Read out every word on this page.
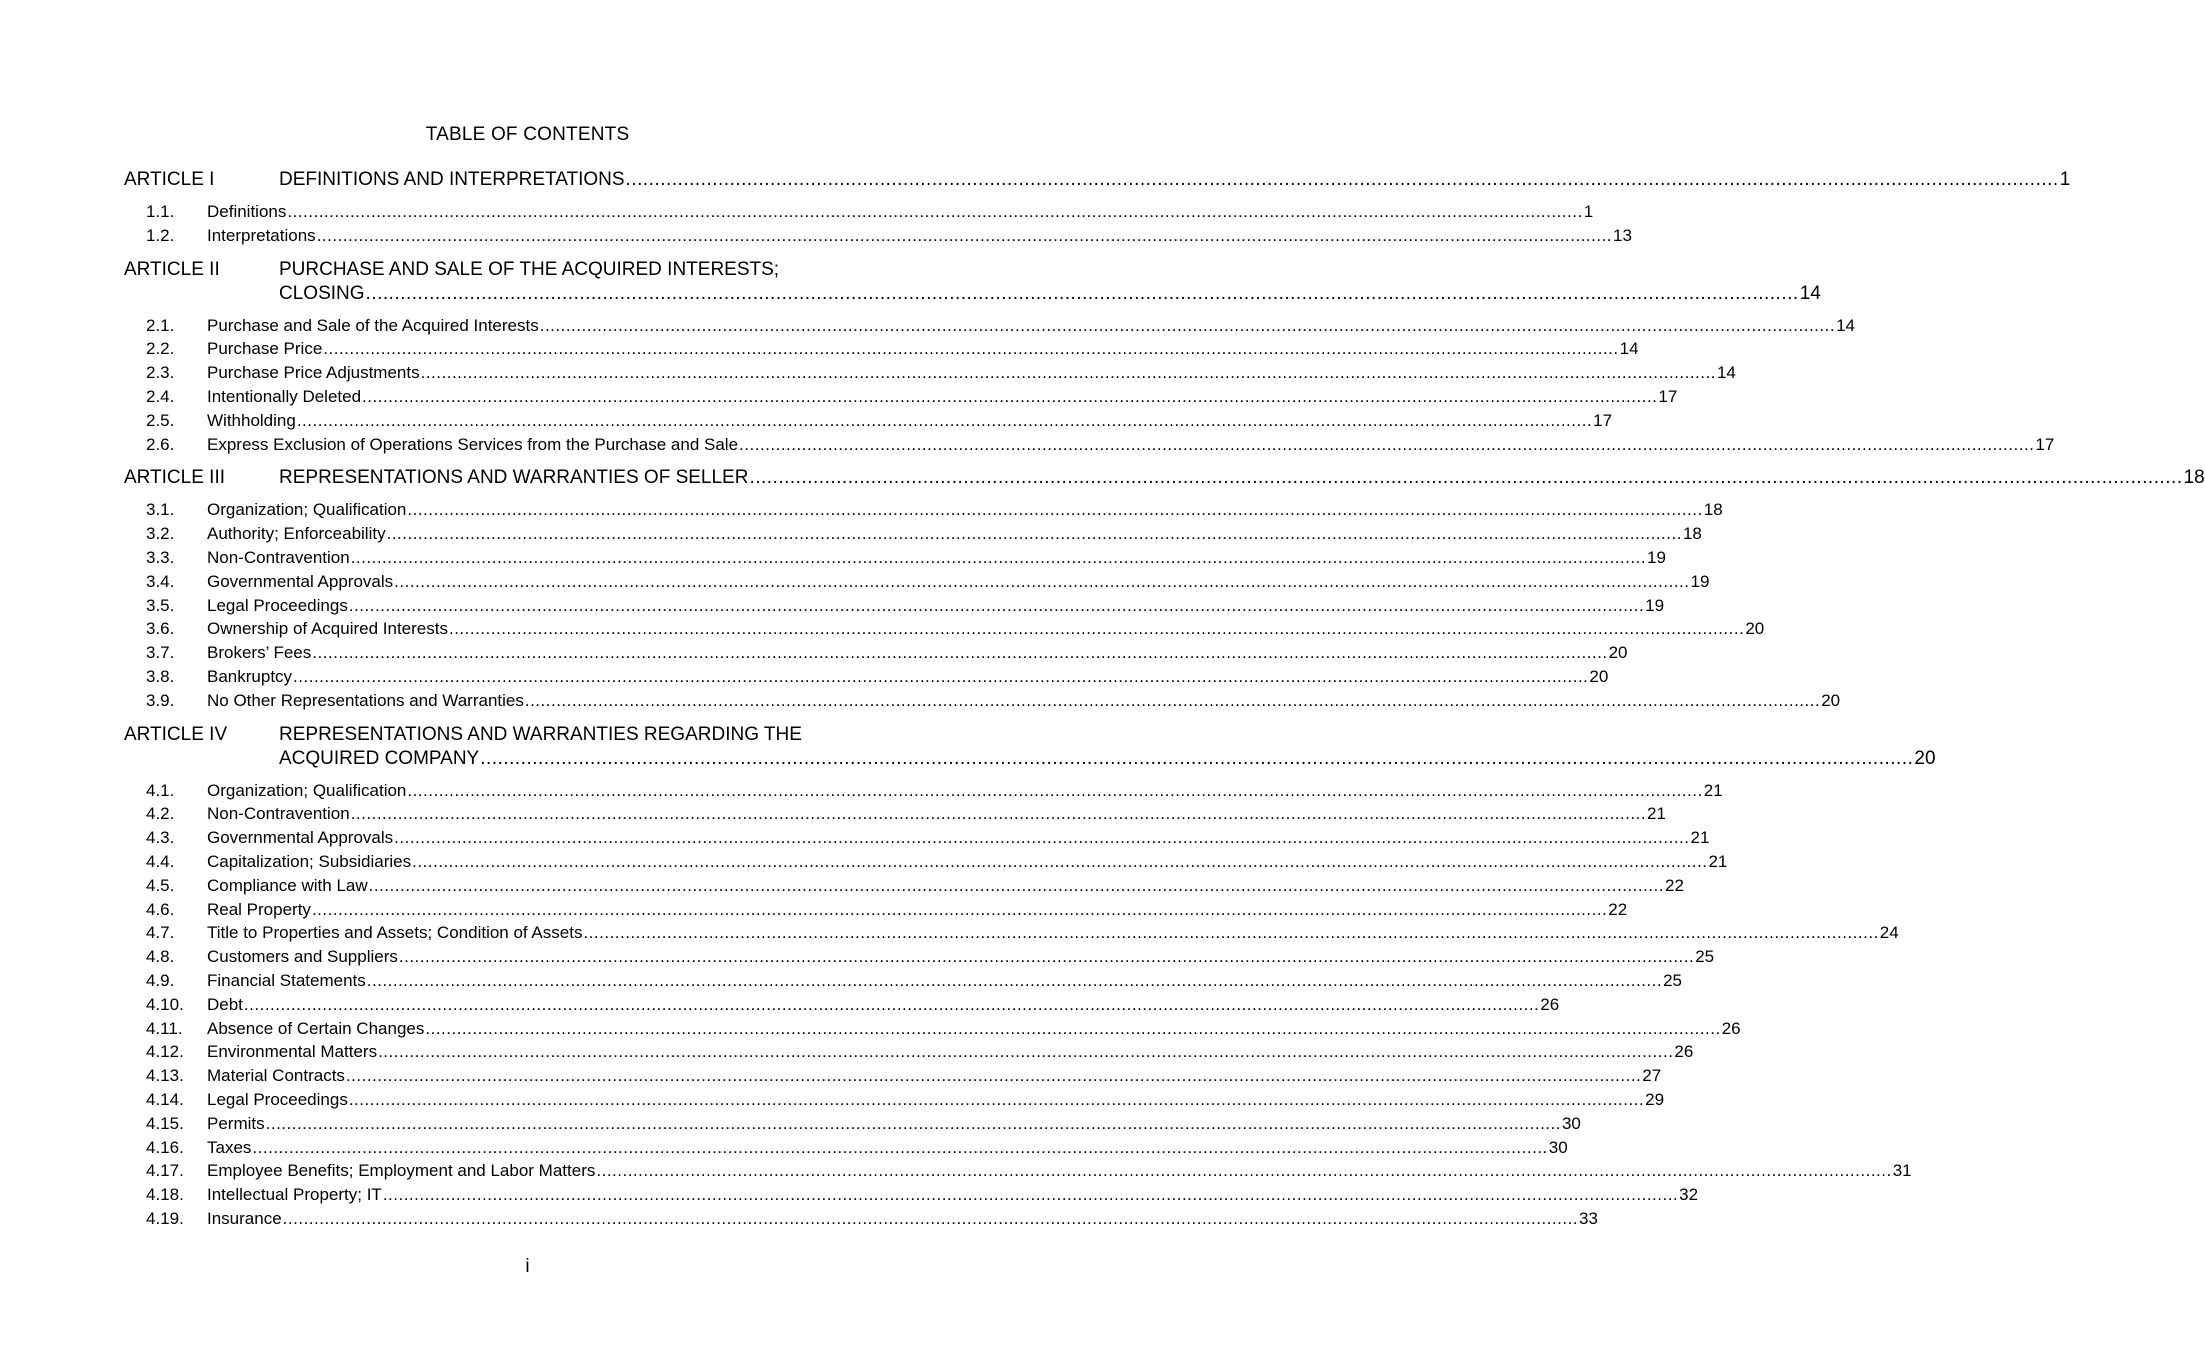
TABLE OF CONTENTS
ARTICLE I	DEFINITIONS AND INTERPRETATIONS .....	1
1.1.	Definitions .....	1
1.2.	Interpretations .....	13
ARTICLE II	PURCHASE AND SALE OF THE ACQUIRED INTERESTS;
CLOSING .....	14
2.1.	Purchase and Sale of the Acquired Interests .....	14
2.2.	Purchase Price .....	14
2.3.	Purchase Price Adjustments .....	14
2.4.	Intentionally Deleted .....	17
2.5.	Withholding .....	17
2.6.	Express Exclusion of Operations Services from the Purchase and Sale .....	17
ARTICLE III	REPRESENTATIONS AND WARRANTIES OF SELLER .....	18
3.1.	Organization; Qualification .....	18
3.2.	Authority; Enforceability .....	18
3.3.	Non-Contravention .....	19
3.4.	Governmental Approvals .....	19
3.5.	Legal Proceedings .....	19
3.6.	Ownership of Acquired Interests .....	20
3.7.	Brokers’ Fees .....	20
3.8.	Bankruptcy .....	20
3.9.	No Other Representations and Warranties .....	20
ARTICLE IV	REPRESENTATIONS AND WARRANTIES REGARDING THE
ACQUIRED COMPANY .....	20
4.1.	Organization; Qualification .....	21
4.2.	Non-Contravention .....	21
4.3.	Governmental Approvals .....	21
4.4.	Capitalization; Subsidiaries .....	21
4.5.	Compliance with Law .....	22
4.6.	Real Property .....	22
4.7.	Title to Properties and Assets; Condition of Assets .....	24
4.8.	Customers and Suppliers .....	25
4.9.	Financial Statements .....	25
4.10.	Debt .....	26
4.11.	Absence of Certain Changes .....	26
4.12.	Environmental Matters .....	26
4.13.	Material Contracts .....	27
4.14.	Legal Proceedings .....	29
4.15.	Permits .....	30
4.16.	Taxes .....	30
4.17.	Employee Benefits; Employment and Labor Matters .....	31
4.18.	Intellectual Property; IT .....	32
4.19.	Insurance .....	33
i
